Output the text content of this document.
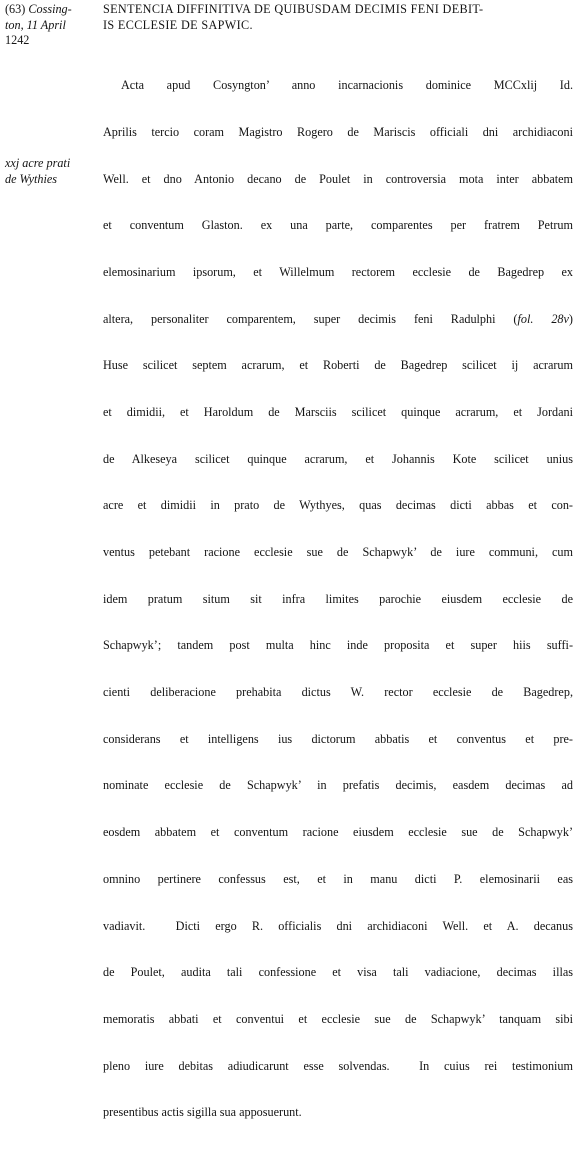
(63) Cossing-
ton, 11 April
1242
SENTENCIA DIFFINITIVA DE QUIBUSDAM DECIMIS FENI DEBIT-
IS ECCLESIE DE SAPWIC.
xxj acre prati
de Wythies

Acta apud Cosyngton’ anno incarnacionis dominice MCCxlij Id.

Aprilis tercio coram Magistro Rogero de Mariscis officiali dni archidiaconi

Well. et dno Antonio decano de Poulet in controversia mota inter abbatem

et conventum Glaston. ex una parte, comparentes per fratrem Petrum

elemosinarium ipsorum, et Willelmum rectorem ecclesie de Bagedrep ex

altera, personaliter comparentem, super decimis feni Radulphi (fol. 28v)

Huse scilicet septem acrarum, et Roberti de Bagedrep scilicet ij acrarum

et dimidii, et Haroldum de Marsciis scilicet quinque acrarum, et Jordani

de Alkeseya scilicet quinque acrarum, et Johannis Kote scilicet unius

acre et dimidii in prato de Wythyes, quas decimas dicti abbas et con-

ventus petebant racione ecclesie sue de Schapwyk’ de iure communi, cum

idem pratum situm sit infra limites parochie eiusdem ecclesie de

Schapwyk’; tandem post multa hinc inde proposita et super hiis suffi-

cienti deliberacione prehabita dictus W. rector ecclesie de Bagedrep,

considerans et intelligens ius dictorum abbatis et conventus et pre-

nominate ecclesie de Schapwyk’ in prefatis decimis, easdem decimas ad

eosdem abbatem et conventum racione eiusdem ecclesie sue de Schapwyk’

omnino pertinere confessus est, et in manu dicti P. elemosinarii eas

vadiavit.  Dicti ergo R. officialis dni archidiaconi Well. et A. decanus

de Poulet, audita tali confessione et visa tali vadiacione, decimas illas

memoratis abbati et conventui et ecclesie sue de Schapwyk’ tanquam sibi

pleno iure debitas adiudicarunt esse solvendas.  In cuius rei testimonium

presentibus actis sigilla sua apposuerunt.
